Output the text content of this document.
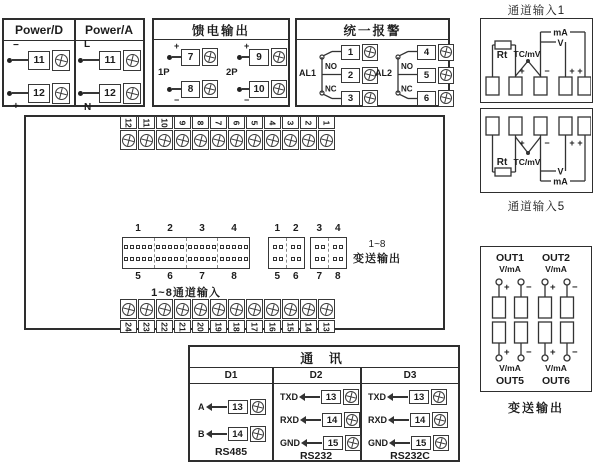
Power/D	Power/A
−
11
+
12
L
11
N
12
馈电输出
1P
+
7
−
8
2P
+
9
−
10
统一报警
AL1
NO
NC
1
2
3
AL2
NO
NC
4
5
6
12 11 10 9 8 7 6 5 4 3 2 1
24 23 22 21 20 19 18 17 16 15 14 13
1	2	3	4
5	6	7	8
1~8通道输入
1	2	3	4
5	6	7	8
1~8
变送输出
通 讯
D1	D2	D3
A	13
B	14
RS485
TXD	13
RXD	14
GND	15
RS232
TXD	13
RXD	14
GND	15
RS232C
通道输入1
Rt TC/mV
V
mA
+ − + +
Rt TC/mV
V
mA
+ − + +
通道输入5
OUT1 OUT2
V/mA	V/mA
+ − + −
+ − + −
V/mA	V/mA
OUT5 OUT6
变送输出
